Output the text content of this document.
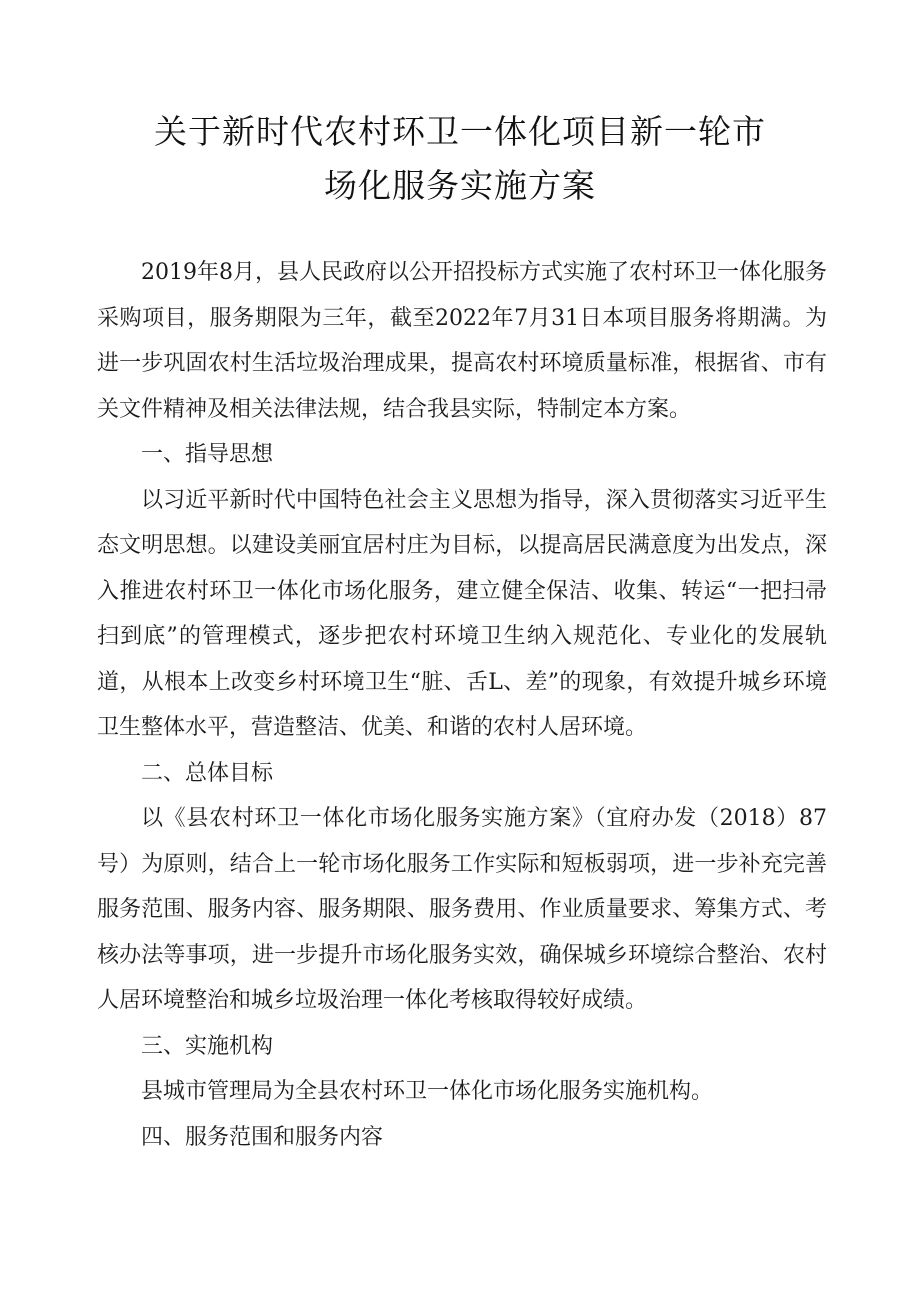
关于新时代农村环卫一体化项目新一轮市
场化服务实施方案

2019年8月，县人民政府以公开招投标方式实施了农村环卫一体化服务采购项目，服务期限为三年，截至2022年7月31日本项目服务将期满。为进一步巩固农村生活垃圾治理成果，提高农村环境质量标准，根据省、市有关文件精神及相关法律法规，结合我县实际，特制定本方案。

一、指导思想

以习近平新时代中国特色社会主义思想为指导，深入贯彻落实习近平生态文明思想。以建设美丽宜居村庄为目标，以提高居民满意度为出发点，深入推进农村环卫一体化市场化服务，建立健全保洁、收集、转运“一把扫帚扫到底”的管理模式，逐步把农村环境卫生纳入规范化、专业化的发展轨道，从根本上改变乡村环境卫生“脏、舌L、差”的现象，有效提升城乡环境卫生整体水平，营造整洁、优美、和谐的农村人居环境。

二、总体目标

以《县农村环卫一体化市场化服务实施方案》（宜府办发（2018）87号）为原则，结合上一轮市场化服务工作实际和短板弱项，进一步补充完善服务范围、服务内容、服务期限、服务费用、作业质量要求、筹集方式、考核办法等事项，进一步提升市场化服务实效，确保城乡环境综合整治、农村人居环境整治和城乡垃圾治理一体化考核取得较好成绩。

三、实施机构

县城市管理局为全县农村环卫一体化市场化服务实施机构。

四、服务范围和服务内容
